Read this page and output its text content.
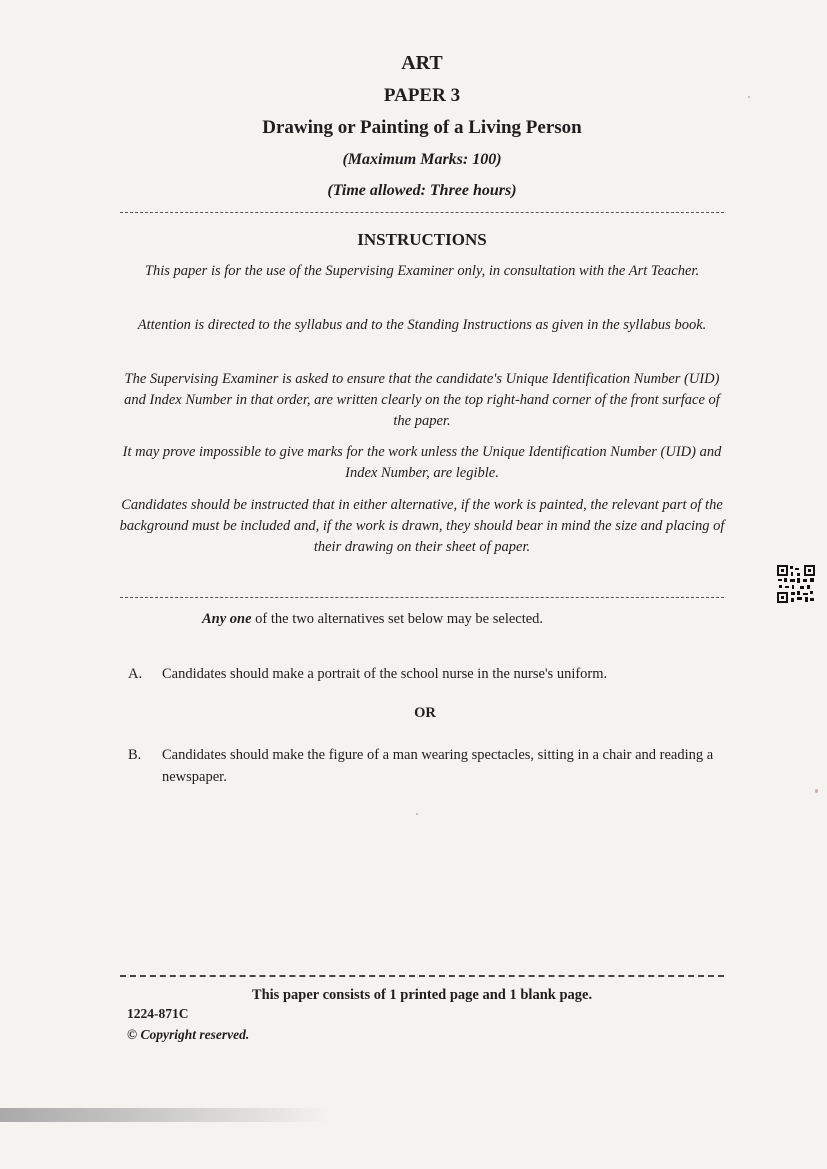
ART
PAPER 3
Drawing or Painting of a Living Person
(Maximum Marks: 100)
(Time allowed: Three hours)
INSTRUCTIONS
This paper is for the use of the Supervising Examiner only, in consultation with the Art Teacher.
Attention is directed to the syllabus and to the Standing Instructions as given in the syllabus book.
The Supervising Examiner is asked to ensure that the candidate's Unique Identification Number (UID) and Index Number in that order, are written clearly on the top right-hand corner of the front surface of the paper.
It may prove impossible to give marks for the work unless the Unique Identification Number (UID) and Index Number, are legible.
Candidates should be instructed that in either alternative, if the work is painted, the relevant part of the background must be included and, if the work is drawn, they should bear in mind the size and placing of their drawing on their sheet of paper.
Any one of the two alternatives set below may be selected.
A. Candidates should make a portrait of the school nurse in the nurse's uniform.
OR
B. Candidates should make the figure of a man wearing spectacles, sitting in a chair and reading a newspaper.
This paper consists of 1 printed page and 1 blank page.
1224-871C
© Copyright reserved.
